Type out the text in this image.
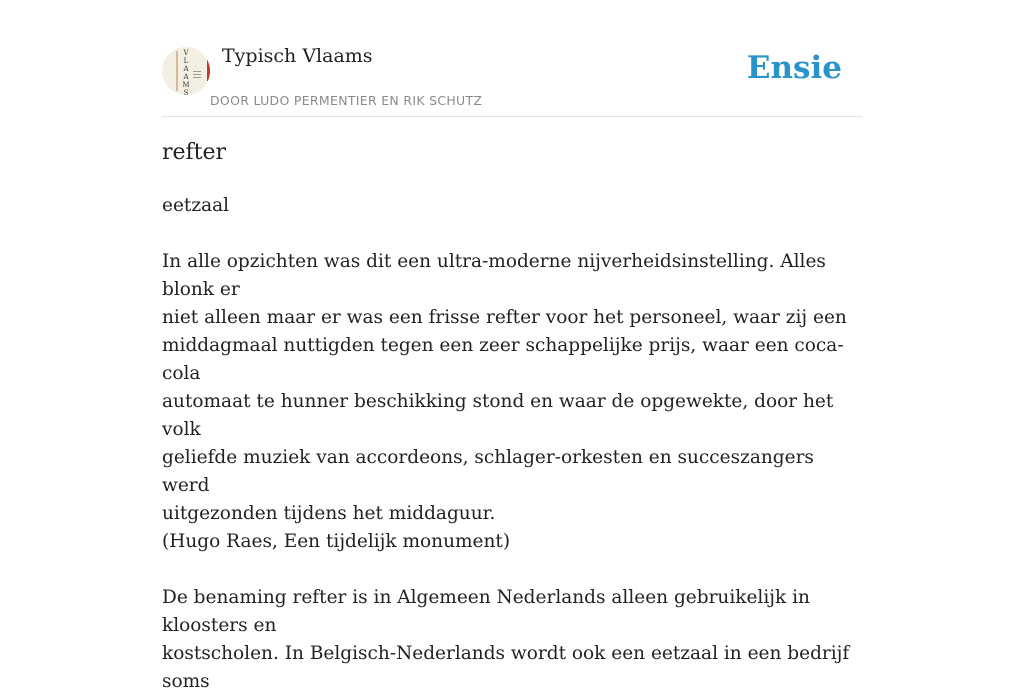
V
L
A
A
M
S
Typisch Vlaams
DOOR LUDO PERMENTIER EN RIK SCHUTZ
Ensie
refter

eetzaal

In alle opzichten was dit een ultra-moderne nijverheidsinstelling. Alles blonk er

niet alleen maar er was een frisse refter voor het personeel, waar zij een

middagmaal nuttigden tegen een zeer schappelijke prijs, waar een coca-cola

automaat te hunner beschikking stond en waar de opgewekte, door het volk

geliefde muziek van accordeons, schlager-orkesten en succeszangers werd

uitgezonden tijdens het middaguur.

(Hugo Raes, Een tijdelijk monument)

De benaming refter is in Algemeen Nederlands alleen gebruikelijk in kloosters en

kostscholen. In Belgisch-Nederlands wordt ook een eetzaal in een bedrijf soms
